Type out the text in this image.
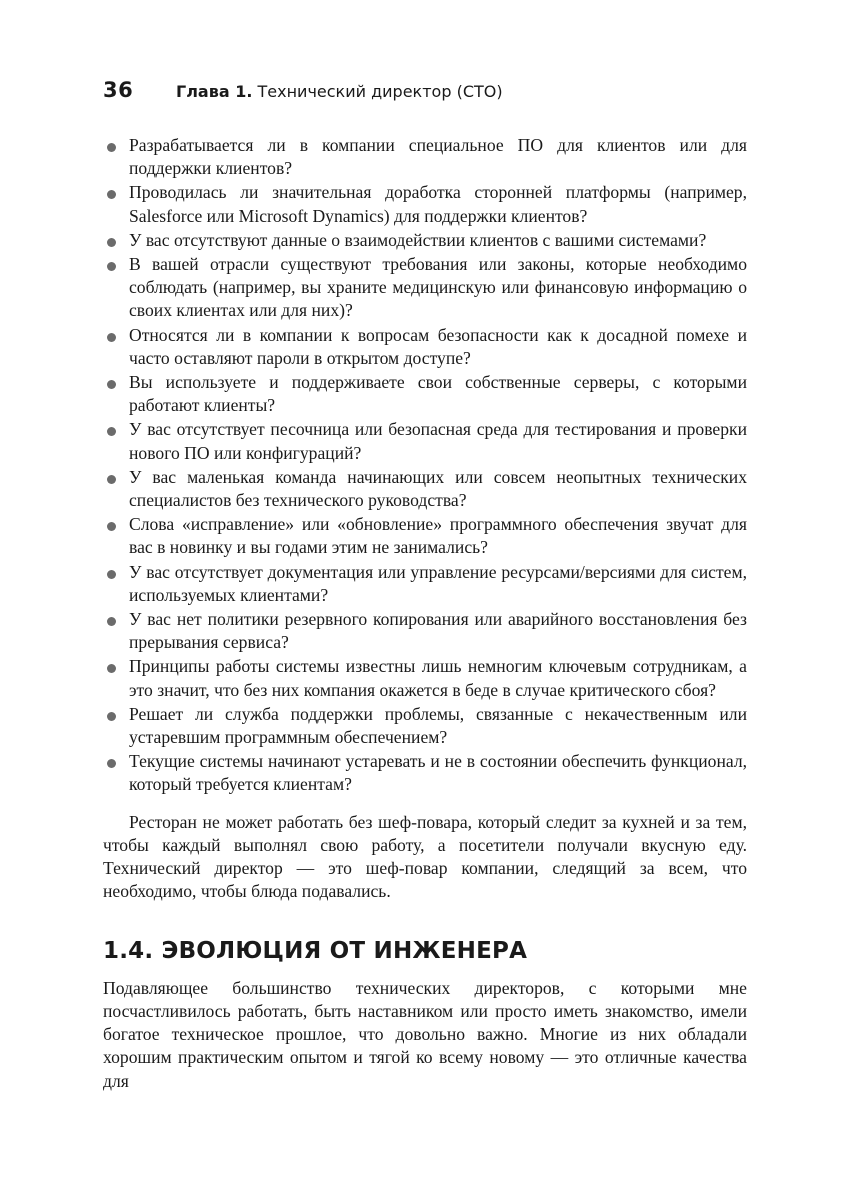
36	Глава 1. Технический директор (CTO)
Разрабатывается ли в компании специальное ПО для клиентов или для поддержки клиентов?
Проводилась ли значительная доработка сторонней платформы (например, Salesforce или Microsoft Dynamics) для поддержки клиентов?
У вас отсутствуют данные о взаимодействии клиентов с вашими системами?
В вашей отрасли существуют требования или законы, которые необходимо соблюдать (например, вы храните медицинскую или финансовую информацию о своих клиентах или для них)?
Относятся ли в компании к вопросам безопасности как к досадной помехе и часто оставляют пароли в открытом доступе?
Вы используете и поддерживаете свои собственные серверы, с которыми работают клиенты?
У вас отсутствует песочница или безопасная среда для тестирования и проверки нового ПО или конфигураций?
У вас маленькая команда начинающих или совсем неопытных технических специалистов без технического руководства?
Слова «исправление» или «обновление» программного обеспечения звучат для вас в новинку и вы годами этим не занимались?
У вас отсутствует документация или управление ресурсами/версиями для систем, используемых клиентами?
У вас нет политики резервного копирования или аварийного восстановления без прерывания сервиса?
Принципы работы системы известны лишь немногим ключевым сотрудникам, а это значит, что без них компания окажется в беде в случае критического сбоя?
Решает ли служба поддержки проблемы, связанные с некачественным или устаревшим программным обеспечением?
Текущие системы начинают устаревать и не в состоянии обеспечить функционал, который требуется клиентам?

Ресторан не может работать без шеф-повара, который следит за кухней и за тем, чтобы каждый выполнял свою работу, а посетители получали вкусную еду. Технический директор — это шеф-повар компании, следящий за всем, что необходимо, чтобы блюда подавались.

1.4. ЭВОЛЮЦИЯ ОТ ИНЖЕНЕРА

Подавляющее большинство технических директоров, с которыми мне посчастливилось работать, быть наставником или просто иметь знакомство, имели богатое техническое прошлое, что довольно важно. Многие из них обладали хорошим практическим опытом и тягой ко всему новому — это отличные качества для
